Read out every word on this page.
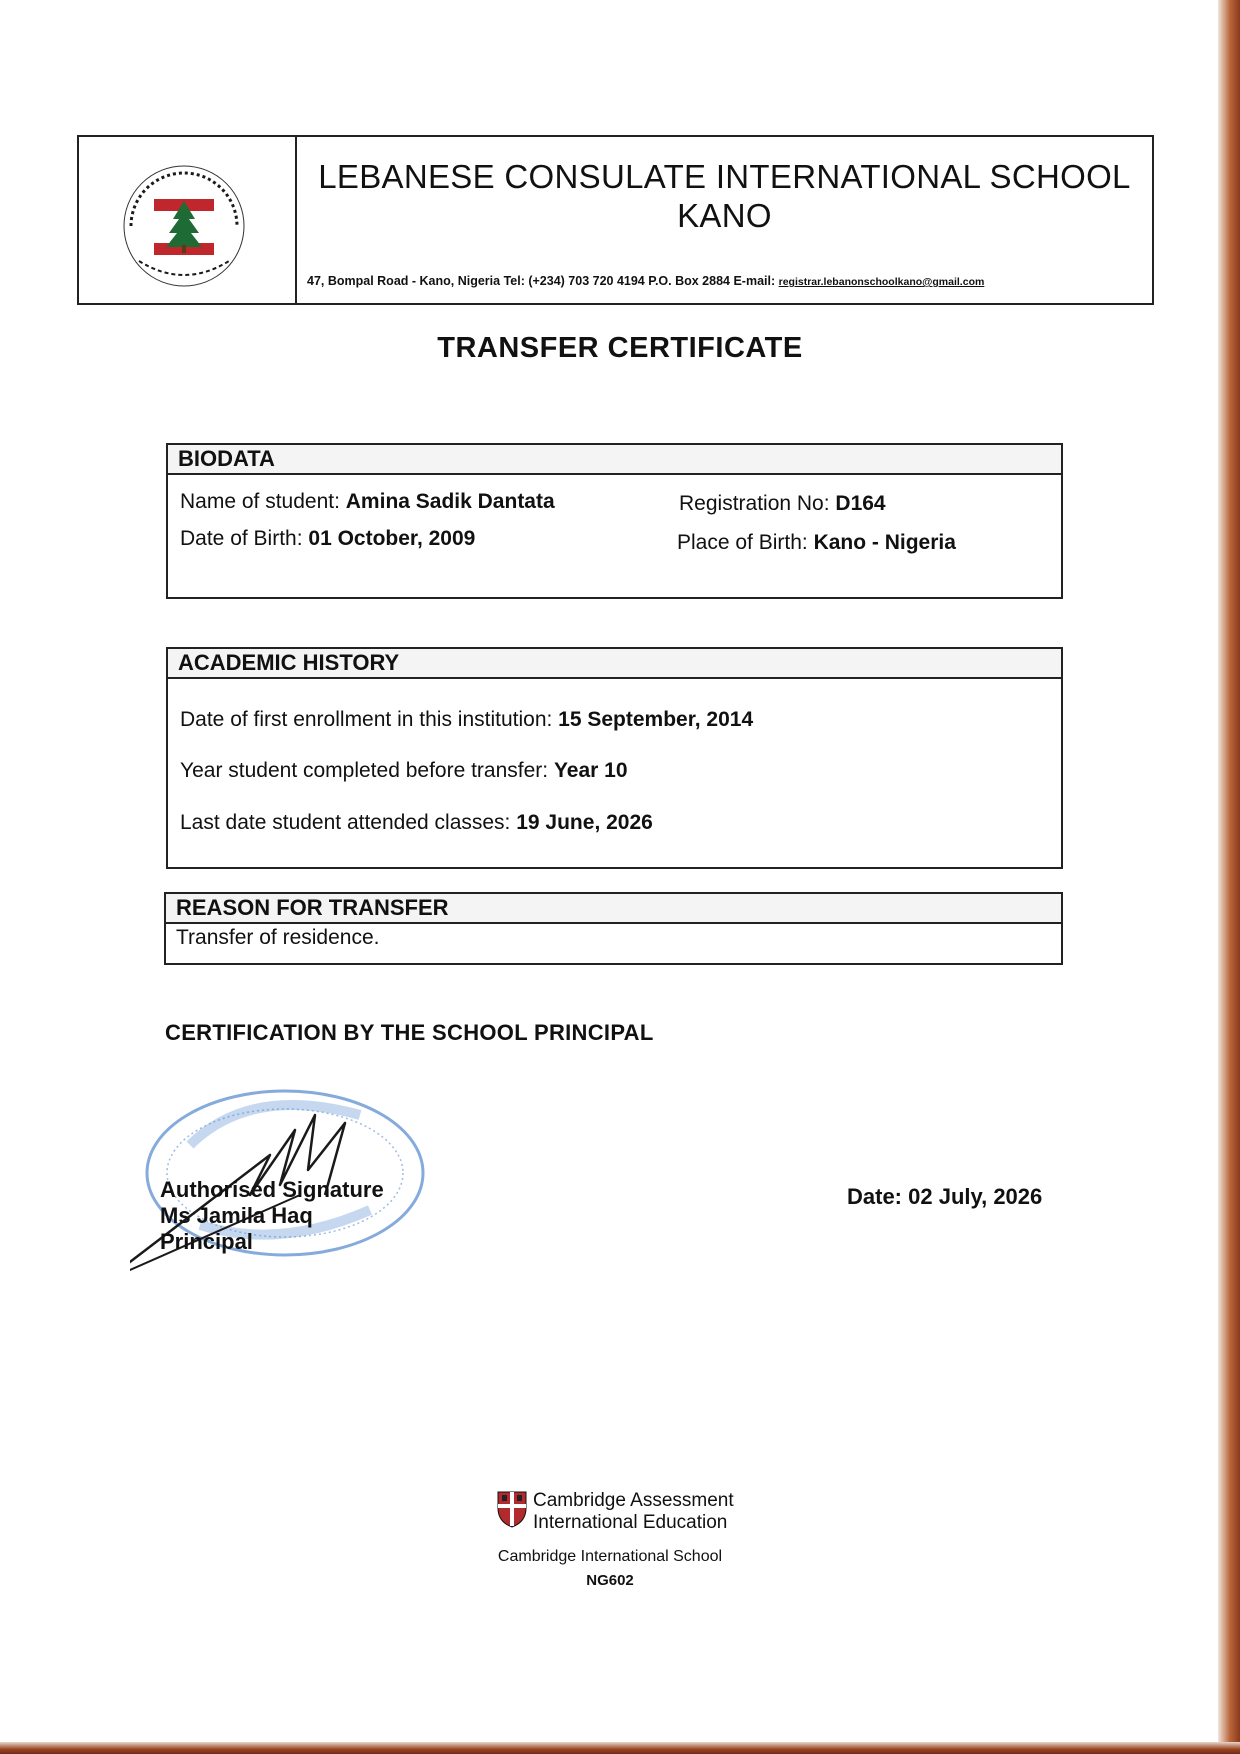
LEBANESE CONSULATE INTERNATIONAL SCHOOL
KANO
47, Bompal Road - Kano, Nigeria Tel: (+234) 703 720 4194 P.O. Box 2884 E-mail: registrar.lebanonschoolkano@gmail.com
TRANSFER CERTIFICATE
BIODATA
Name of student: Amina Sadik Dantata
Date of Birth: 01 October, 2009
Registration No: D164
Place of Birth: Kano - Nigeria
ACADEMIC HISTORY
Date of first enrollment in this institution: 15 September, 2014
Year student completed before transfer: Year 10
Last date student attended classes: 19 June, 2026
REASON FOR TRANSFER
Transfer of residence.
CERTIFICATION BY THE SCHOOL PRINCIPAL
Authorised Signature
Ms Jamila Haq
Principal
Date: 02 July, 2026
Cambridge Assessment
International Education
Cambridge International School
NG602
